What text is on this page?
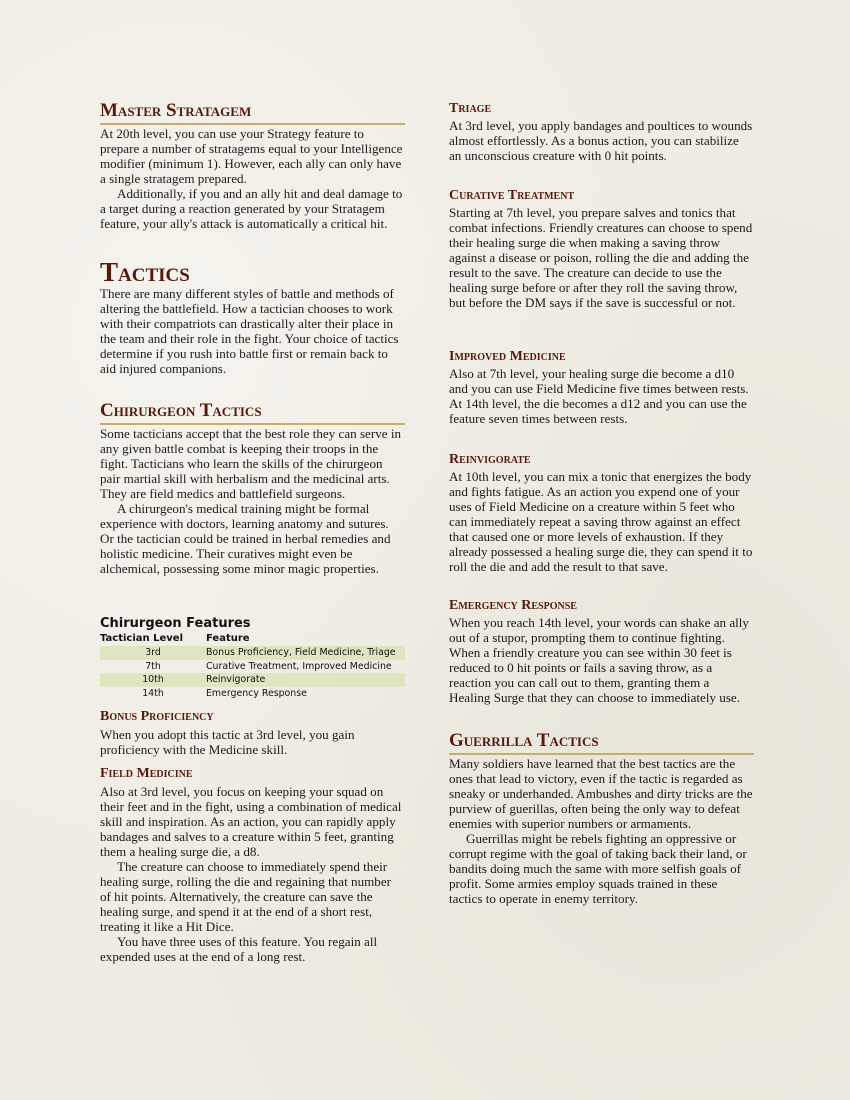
Master Stratagem

At 20th level, you can use your Strategy feature to prepare a number of stratagems equal to your Intelligence modifier (minimum 1). However, each ally can only have a single stratagem prepared.

Additionally, if you and an ally hit and deal damage to a target during a reaction generated by your Stratagem feature, your ally's attack is automatically a critical hit.

Tactics

There are many different styles of battle and methods of altering the battlefield. How a tactician chooses to work with their compatriots can drastically alter their place in the team and their role in the fight. Your choice of tactics determine if you rush into battle first or remain back to aid injured companions.

Chirurgeon Tactics

Some tacticians accept that the best role they can serve in any given battle combat is keeping their troops in the fight. Tacticians who learn the skills of the chirurgeon pair martial skill with herbalism and the medicinal arts. They are field medics and battlefield surgeons.

A chirurgeon's medical training might be formal experience with doctors, learning anatomy and sutures. Or the tactician could be trained in herbal remedies and holistic medicine. Their curatives might even be alchemical, possessing some minor magic properties.

Chirurgeon Features
Tactician Level	Feature
3rd	Bonus Proficiency, Field Medicine, Triage
7th	Curative Treatment, Improved Medicine
10th	Reinvigorate
14th	Emergency Response
Bonus Proficiency

When you adopt this tactic at 3rd level, you gain proficiency with the Medicine skill.

Field Medicine

Also at 3rd level, you focus on keeping your squad on their feet and in the fight, using a combination of medical skill and inspiration. As an action, you can rapidly apply bandages and salves to a creature within 5 feet, granting them a healing surge die, a d8.

The creature can choose to immediately spend their healing surge, rolling the die and regaining that number of hit points. Alternatively, the creature can save the healing surge, and spend it at the end of a short rest, treating it like a Hit Dice.

You have three uses of this feature. You regain all expended uses at the end of a long rest.

Triage

At 3rd level, you apply bandages and poultices to wounds almost effortlessly. As a bonus action, you can stabilize an unconscious creature with 0 hit points.

Curative Treatment

Starting at 7th level, you prepare salves and tonics that combat infections. Friendly creatures can choose to spend their healing surge die when making a saving throw against a disease or poison, rolling the die and adding the result to the save. The creature can decide to use the healing surge before or after they roll the saving throw, but before the DM says if the save is successful or not.

Improved Medicine

Also at 7th level, your healing surge die become a d10 and you can use Field Medicine five times between rests. At 14th level, the die becomes a d12 and you can use the feature seven times between rests.

Reinvigorate

At 10th level, you can mix a tonic that energizes the body and fights fatigue. As an action you expend one of your uses of Field Medicine on a creature within 5 feet who can immediately repeat a saving throw against an effect that caused one or more levels of exhaustion. If they already possessed a healing surge die, they can spend it to roll the die and add the result to that save.

Emergency Response

When you reach 14th level, your words can shake an ally out of a stupor, prompting them to continue fighting. When a friendly creature you can see within 30 feet is reduced to 0 hit points or fails a saving throw, as a reaction you can call out to them, granting them a Healing Surge that they can choose to immediately use.

Guerrilla Tactics

Many soldiers have learned that the best tactics are the ones that lead to victory, even if the tactic is regarded as sneaky or underhanded. Ambushes and dirty tricks are the purview of guerillas, often being the only way to defeat enemies with superior numbers or armaments.

Guerrillas might be rebels fighting an oppressive or corrupt regime with the goal of taking back their land, or bandits doing much the same with more selfish goals of profit. Some armies employ squads trained in these tactics to operate in enemy territory.
